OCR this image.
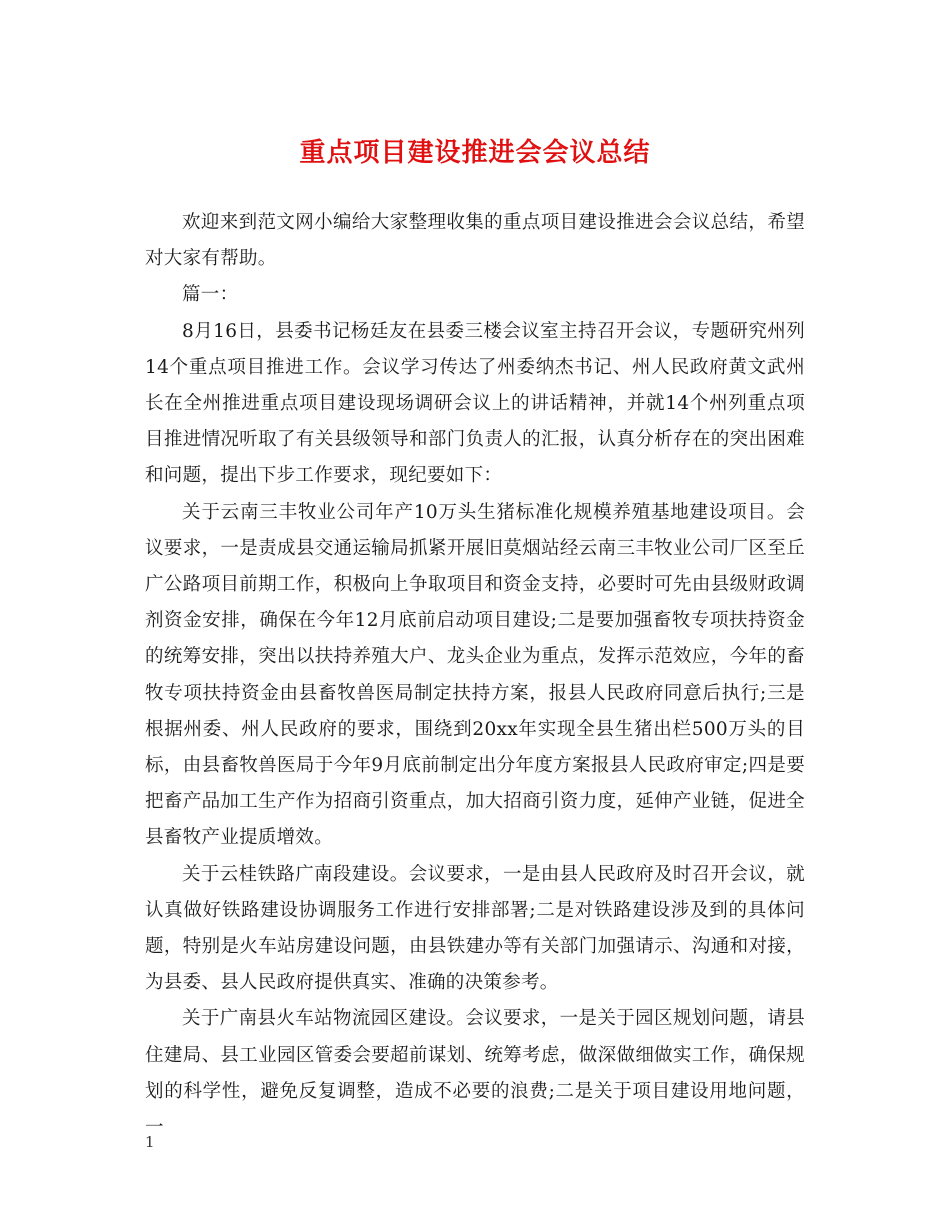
重点项目建设推进会会议总结

欢迎来到范文网小编给大家整理收集的重点项目建设推进会会议总结，希望对大家有帮助。

篇一：

8月16日，县委书记杨廷友在县委三楼会议室主持召开会议，专题研究州列14个重点项目推进工作。会议学习传达了州委纳杰书记、州人民政府黄文武州长在全州推进重点项目建设现场调研会议上的讲话精神，并就14个州列重点项目推进情况听取了有关县级领导和部门负责人的汇报，认真分析存在的突出困难和问题，提出下步工作要求，现纪要如下：

关于云南三丰牧业公司年产10万头生猪标准化规模养殖基地建设项目。会议要求，一是责成县交通运输局抓紧开展旧莫烟站经云南三丰牧业公司厂区至丘广公路项目前期工作，积极向上争取项目和资金支持，必要时可先由县级财政调剂资金安排，确保在今年12月底前启动项目建设;二是要加强畜牧专项扶持资金的统筹安排，突出以扶持养殖大户、龙头企业为重点，发挥示范效应，今年的畜牧专项扶持资金由县畜牧兽医局制定扶持方案，报县人民政府同意后执行;三是根据州委、州人民政府的要求，围绕到20xx年实现全县生猪出栏500万头的目标，由县畜牧兽医局于今年9月底前制定出分年度方案报县人民政府审定;四是要把畜产品加工生产作为招商引资重点，加大招商引资力度，延伸产业链，促进全县畜牧产业提质增效。

关于云桂铁路广南段建设。会议要求，一是由县人民政府及时召开会议，就认真做好铁路建设协调服务工作进行安排部署;二是对铁路建设涉及到的具体问题，特别是火车站房建设问题，由县铁建办等有关部门加强请示、沟通和对接，为县委、县人民政府提供真实、准确的决策参考。

关于广南县火车站物流园区建设。会议要求，一是关于园区规划问题，请县住建局、县工业园区管委会要超前谋划、统筹考虑，做深做细做实工作，确保规划的科学性，避免反复调整，造成不必要的浪费;二是关于项目建设用地问题，一

1
